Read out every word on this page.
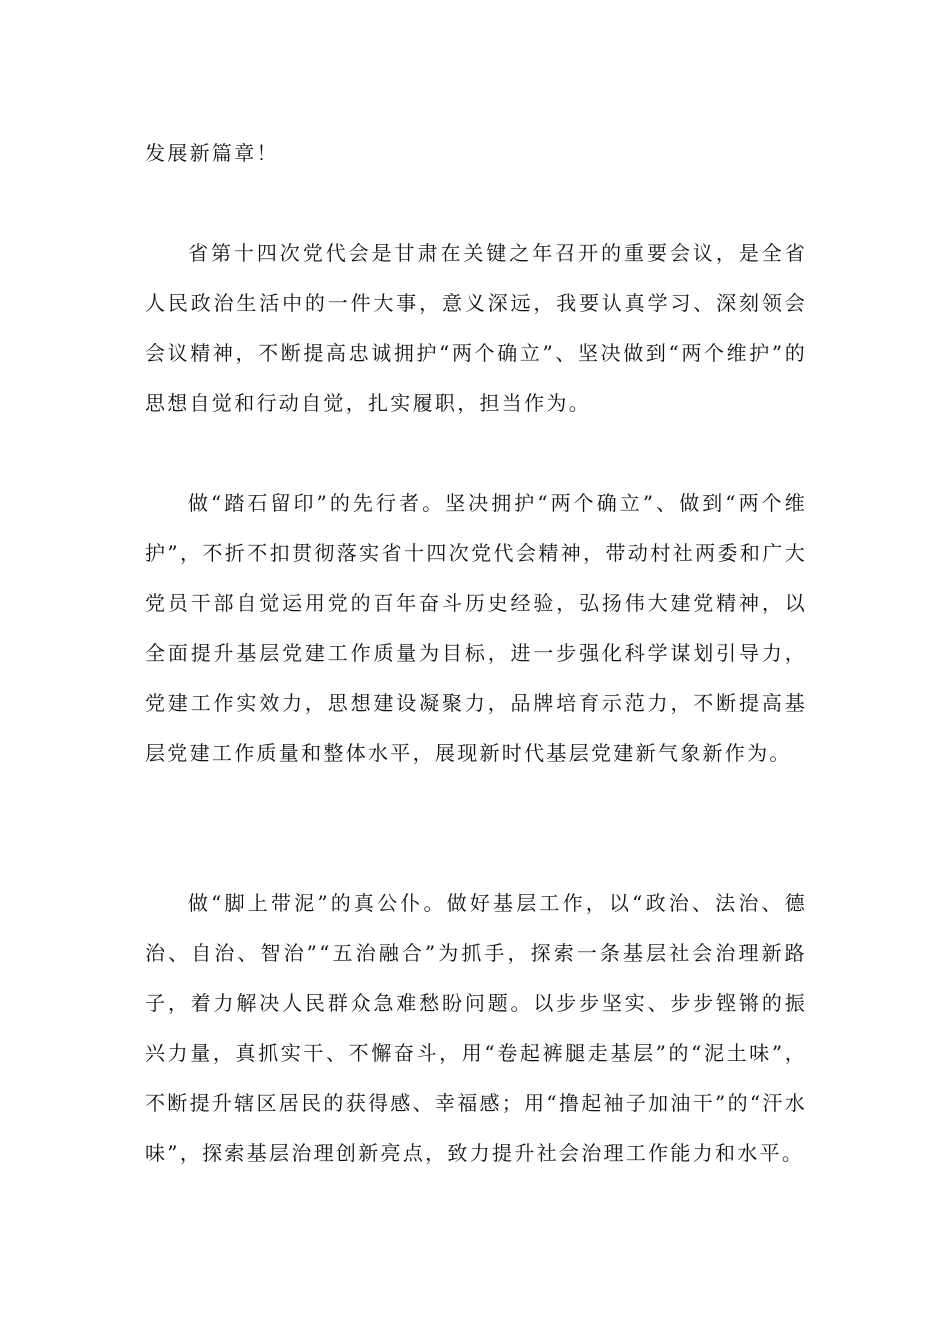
发展新篇章！

省第十四次党代会是甘肃在关键之年召开的重要会议，是全省人民政治生活中的一件大事，意义深远，我要认真学习、深刻领会会议精神，不断提高忠诚拥护“两个确立”、坚决做到“两个维护”的思想自觉和行动自觉，扎实履职，担当作为。

做“踏石留印”的先行者。坚决拥护“两个确立”、做到“两个维护”，不折不扣贯彻落实省十四次党代会精神，带动村社两委和广大党员干部自觉运用党的百年奋斗历史经验，弘扬伟大建党精神，以全面提升基层党建工作质量为目标，进一步强化科学谋划引导力，党建工作实效力，思想建设凝聚力，品牌培育示范力，不断提高基层党建工作质量和整体水平，展现新时代基层党建新气象新作为。

做“脚上带泥”的真公仆。做好基层工作，以“政治、法治、德治、自治、智治”“五治融合”为抓手，探索一条基层社会治理新路子，着力解决人民群众急难愁盼问题。以步步坚实、步步铿锵的振兴力量，真抓实干、不懈奋斗，用“卷起裤腿走基层”的“泥土味”，不断提升辖区居民的获得感、幸福感；用“撸起袖子加油干”的“汗水味”，探索基层治理创新亮点，致力提升社会治理工作能力和水平。
